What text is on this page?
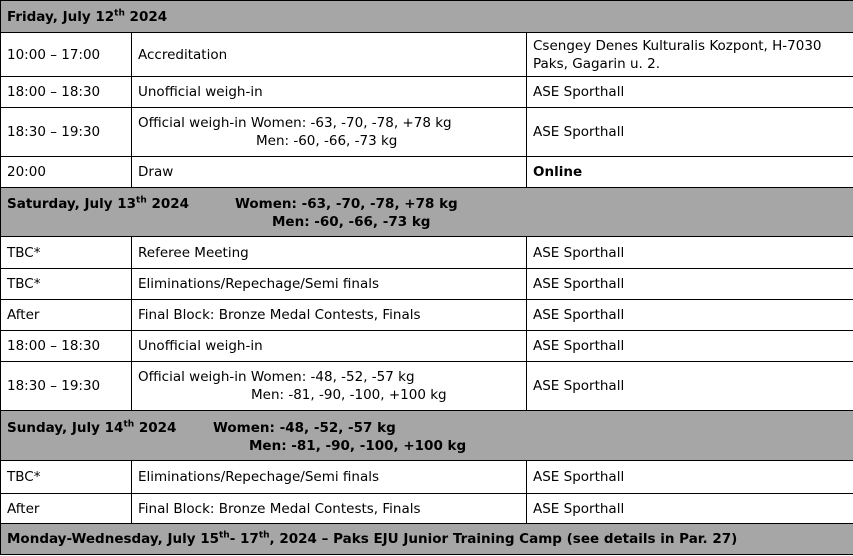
Friday, July 12th 2024		
10:00 – 17:00	Accreditation	Csengey Denes Kulturalis Kozpont, H-7030
Paks, Gagarin u. 2.

18:00 – 18:30	Unofficial weigh-in	ASE Sporthall
18:30 – 19:30	Official weigh-in Women: -63, -70, -78, +78 kg
Men: -60, -66, -73 kg	ASE Sporthall
20:00	Draw	Online

Saturday, July 13th 2024 Women: -63, -70, -78, +78 kg
Men: -60, -66, -73 kg		

TBC*	Referee Meeting	ASE Sporthall
TBC*	Eliminations/Repechage/Semi finals	ASE Sporthall
After	Final Block: Bronze Medal Contests, Finals	ASE Sporthall
18:00 – 18:30	Unofficial weigh-in	ASE Sporthall
18:30 – 19:30	Official weigh-in Women: -48, -52, -57 kg
Men: -81, -90, -100, +100 kg	ASE Sporthall

Sunday, July 14th 2024 Women: -48, -52, -57 kg
Men: -81, -90, -100, +100 kg		

TBC*	Eliminations/Repechage/Semi finals	ASE Sporthall
After	Final Block: Bronze Medal Contests, Finals	ASE Sporthall
Monday-Wednesday, July 15th- 17th, 2024 – Paks EJU Junior Training Camp (see details in Par. 27)		
